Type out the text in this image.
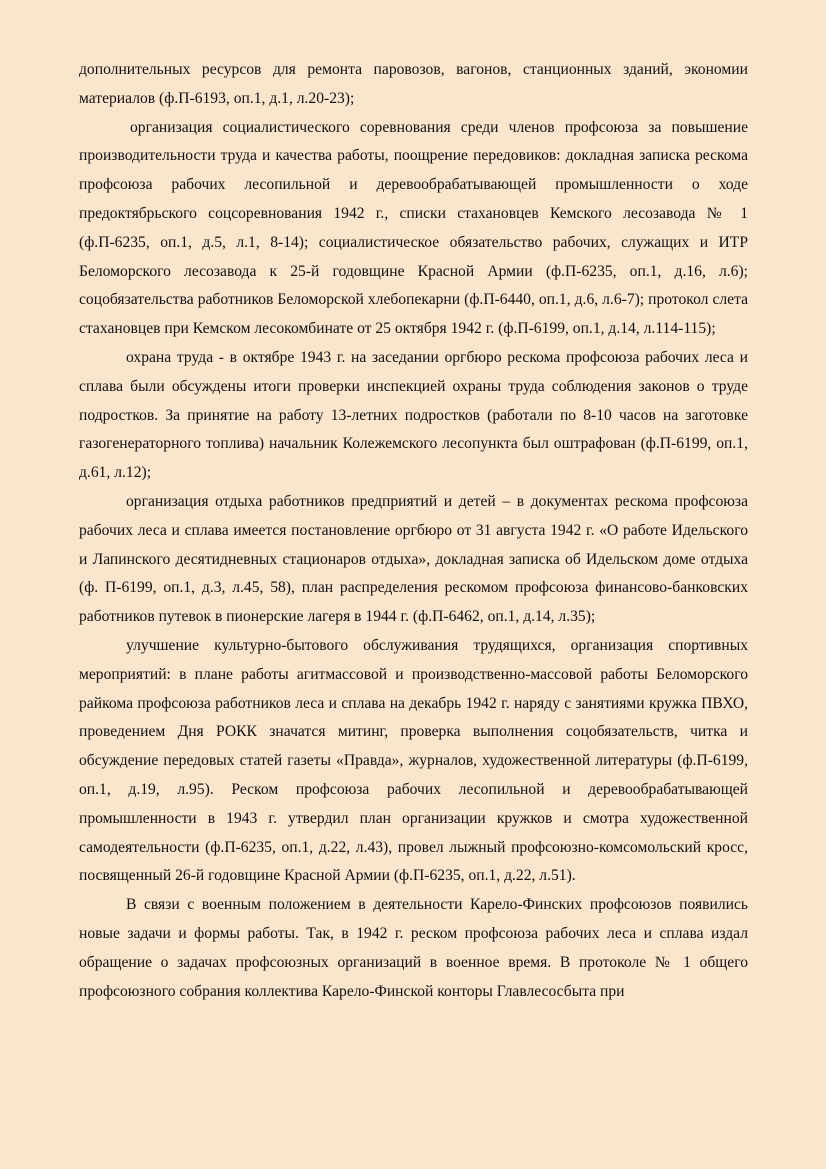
дополнительных ресурсов для ремонта паровозов, вагонов, станционных зданий, экономии материалов (ф.П-6193, оп.1, д.1, л.20-23);

организация социалистического соревнования среди членов профсоюза за повышение производительности труда и качества работы, поощрение передовиков: докладная записка рескома профсоюза рабочих лесопильной и деревообрабатывающей промышленности о ходе предоктябрьского соцсоревнования 1942 г., списки стахановцев Кемского лесозавода № 1 (ф.П-6235, оп.1, д.5, л.1, 8-14); социалистическое обязательство рабочих, служащих и ИТР Беломорского лесозавода к 25-й годовщине Красной Армии (ф.П-6235, оп.1, д.16, л.6); соцобязательства работников Беломорской хлебопекарни (ф.П-6440, оп.1, д.6, л.6-7); протокол слета стахановцев при Кемском лесокомбинате от 25 октября 1942 г. (ф.П-6199, оп.1, д.14, л.114-115);

охрана труда - в октябре 1943 г. на заседании оргбюро рескома профсоюза рабочих леса и сплава были обсуждены итоги проверки инспекцией охраны труда соблюдения законов о труде подростков. За принятие на работу 13-летних подростков (работали по 8-10 часов на заготовке газогенераторного топлива) начальник Колежемского лесопункта был оштрафован (ф.П-6199, оп.1, д.61, л.12);

организация отдыха работников предприятий и детей – в документах рескома профсоюза рабочих леса и сплава имеется постановление оргбюро от 31 августа 1942 г. «О работе Идельского и Лапинского десятидневных стационаров отдыха», докладная записка об Идельском доме отдыха (ф. П-6199, оп.1, д.3, л.45, 58), план распределения рескомом профсоюза финансово-банковских работников путевок в пионерские лагеря в 1944 г. (ф.П-6462, оп.1, д.14, л.35);

улучшение культурно-бытового обслуживания трудящихся, организация спортивных мероприятий: в плане работы агитмассовой и производственно-массовой работы Беломорского райкома профсоюза работников леса и сплава на декабрь 1942 г. наряду с занятиями кружка ПВХО, проведением Дня РОКК значатся митинг, проверка выполнения соцобязательств, читка и обсуждение передовых статей газеты «Правда», журналов, художественной литературы (ф.П-6199, оп.1, д.19, л.95). Реском профсоюза рабочих лесопильной и деревообрабатывающей промышленности в 1943 г. утвердил план организации кружков и смотра художественной самодеятельности (ф.П-6235, оп.1, д.22, л.43), провел лыжный профсоюзно-комсомольский кросс, посвященный 26-й годовщине Красной Армии (ф.П-6235, оп.1, д.22, л.51).

В связи с военным положением в деятельности Карело-Финских профсоюзов появились новые задачи и формы работы. Так, в 1942 г. реском профсоюза рабочих леса и сплава издал обращение о задачах профсоюзных организаций в военное время. В протоколе № 1 общего профсоюзного собрания коллектива Карело-Финской конторы Главлесосбыта при
